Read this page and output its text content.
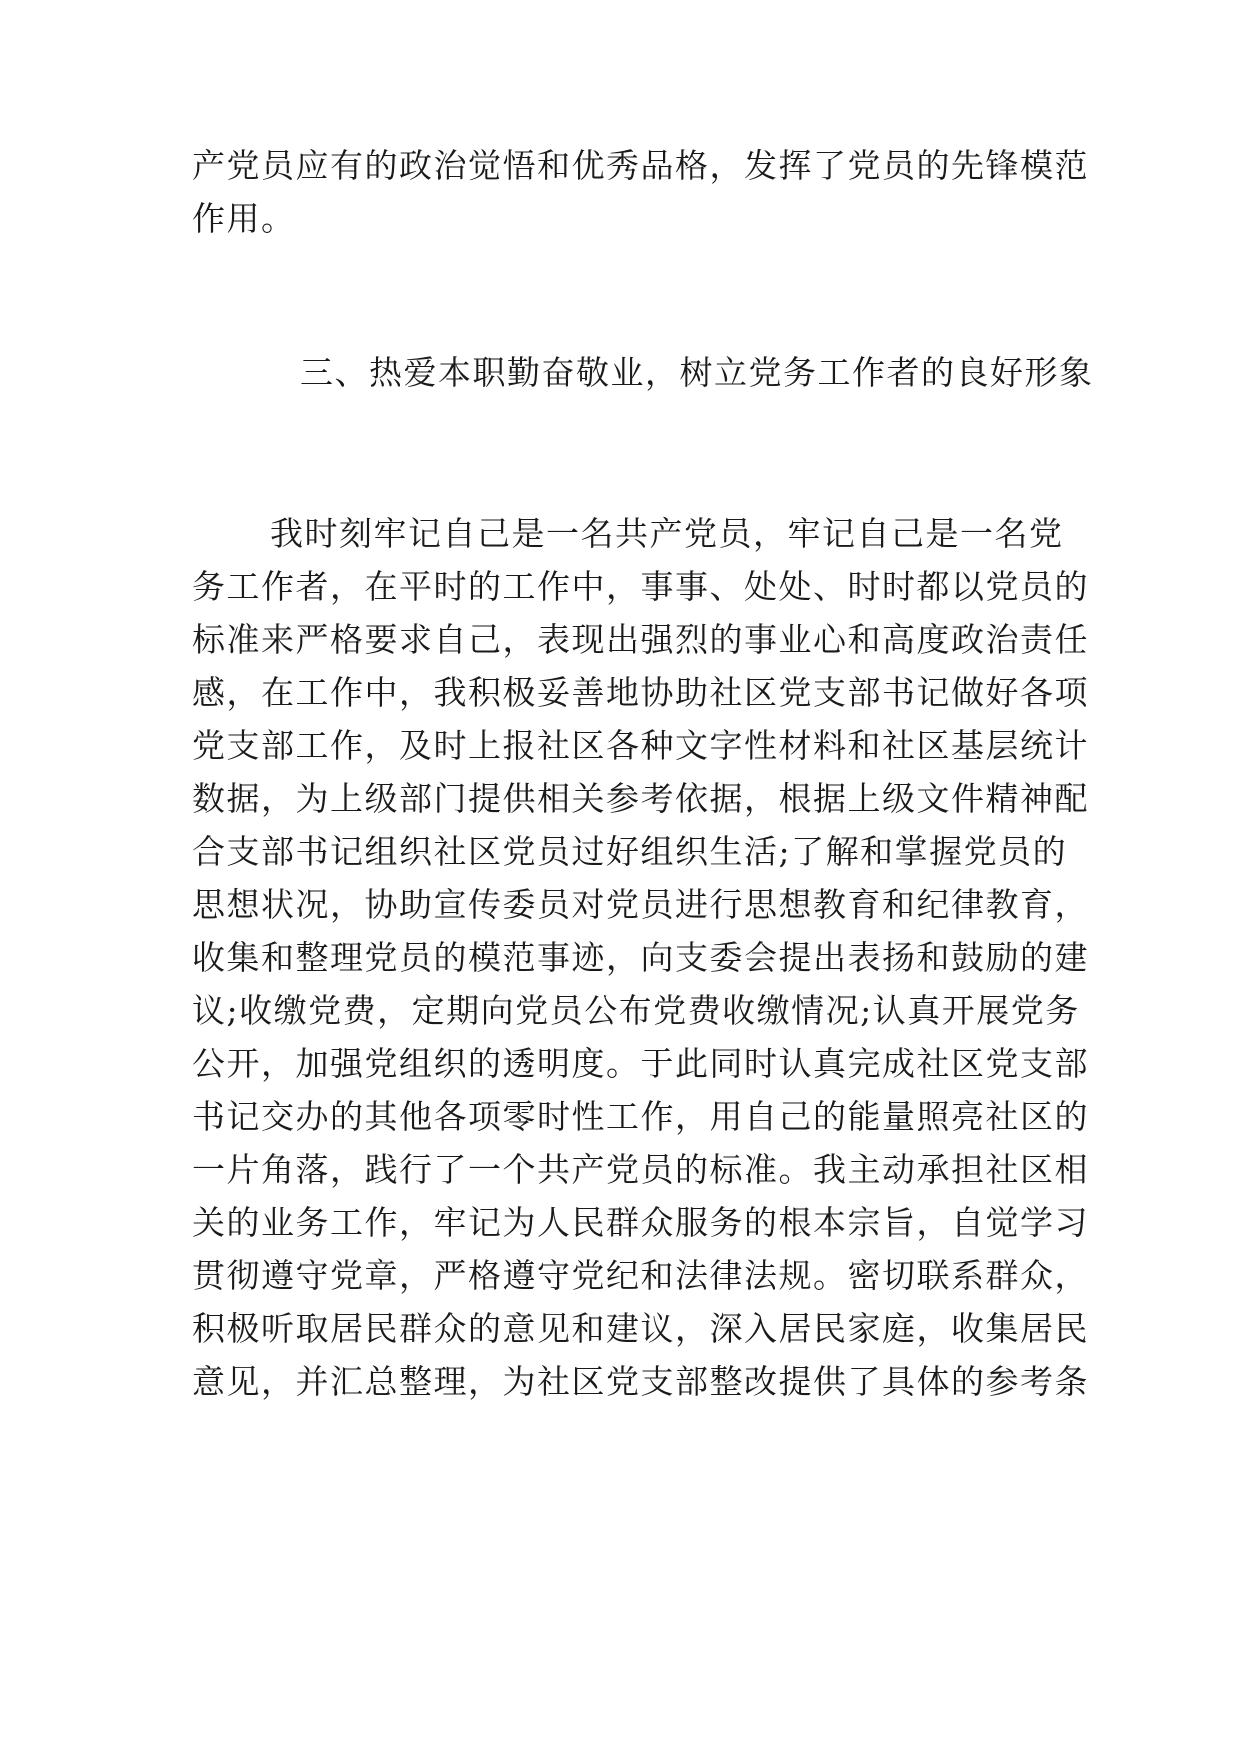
产党员应有的政治觉悟和优秀品格，发挥了党员的先锋模范
作用。
三、热爱本职勤奋敬业，树立党务工作者的良好形象
我时刻牢记自己是一名共产党员，牢记自己是一名党
务工作者，在平时的工作中，事事、处处、时时都以党员的
标准来严格要求自己，表现出强烈的事业心和高度政治责任
感，在工作中，我积极妥善地协助社区党支部书记做好各项
党支部工作，及时上报社区各种文字性材料和社区基层统计
数据，为上级部门提供相关参考依据，根据上级文件精神配
合支部书记组织社区党员过好组织生活;了解和掌握党员的
思想状况，协助宣传委员对党员进行思想教育和纪律教育，
收集和整理党员的模范事迹，向支委会提出表扬和鼓励的建
议;收缴党费，定期向党员公布党费收缴情况;认真开展党务
公开，加强党组织的透明度。于此同时认真完成社区党支部
书记交办的其他各项零时性工作，用自己的能量照亮社区的
一片角落，践行了一个共产党员的标准。我主动承担社区相
关的业务工作，牢记为人民群众服务的根本宗旨，自觉学习
贯彻遵守党章，严格遵守党纪和法律法规。密切联系群众，
积极听取居民群众的意见和建议，深入居民家庭，收集居民
意见，并汇总整理，为社区党支部整改提供了具体的参考条
